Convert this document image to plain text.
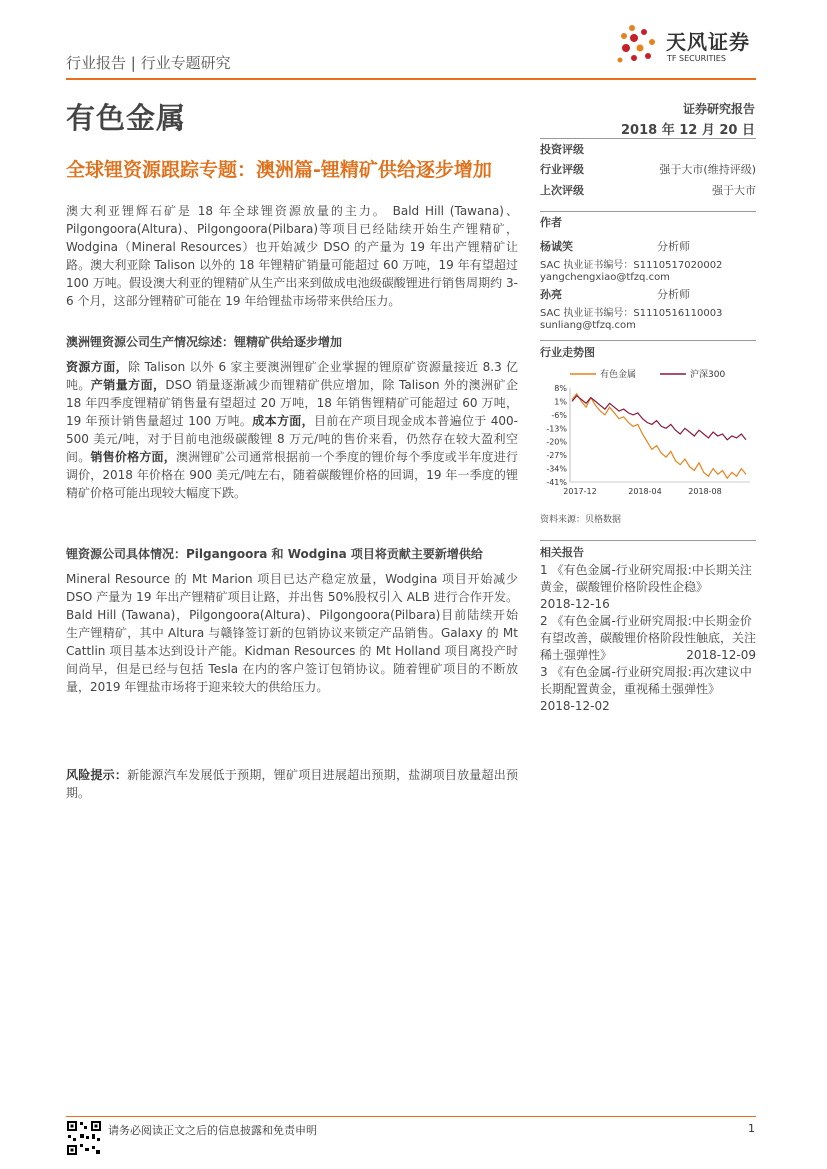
行业报告 | 行业专题研究
天风证券
TF SECURITIES
有色金属	证券研究报告
2018 年 12 月 20 日
全球锂资源跟踪专题：澳洲篇-锂精矿供给逐步增加
澳大利亚锂辉石矿是 18 年全球锂资源放量的主力。 Bald Hill (Tawana)、Pilgongoora(Altura)、Pilgongoora(Pilbara)等项目已经陆续开始生产锂精矿，Wodgina（Mineral Resources）也开始减少 DSO 的产量为 19 年出产锂精矿让路。澳大利亚除 Talison 以外的 18 年锂精矿销量可能超过 60 万吨，19 年有望超过 100 万吨。假设澳大利亚的锂精矿从生产出来到做成电池级碳酸锂进行销售周期约 3-6 个月，这部分锂精矿可能在 19 年给锂盐市场带来供给压力。
澳洲锂资源公司生产情况综述：锂精矿供给逐步增加
资源方面，除 Talison 以外 6 家主要澳洲锂矿企业掌握的锂原矿资源量接近 8.3 亿吨。产销量方面，DSO 销量逐渐减少而锂精矿供应增加，除 Talison 外的澳洲矿企 18 年四季度锂精矿销售量有望超过 20 万吨，18 年销售锂精矿可能超过 60 万吨，19 年预计销售量超过 100 万吨。成本方面，目前在产项目现金成本普遍位于 400-500 美元/吨，对于目前电池级碳酸锂 8 万元/吨的售价来看，仍然存在较大盈利空间。销售价格方面，澳洲锂矿公司通常根据前一个季度的锂价每个季度或半年度进行调价，2018 年价格在 900 美元/吨左右，随着碳酸锂价格的回调，19 年一季度的锂精矿价格可能出现较大幅度下跌。
锂资源公司具体情况：Pilgangoora 和 Wodgina 项目将贡献主要新增供给
Mineral Resource 的 Mt Marion 项目已达产稳定放量，Wodgina 项目开始减少 DSO 产量为 19 年出产锂精矿项目让路，并出售 50%股权引入 ALB 进行合作开发。Bald Hill (Tawana)，Pilgongoora(Altura)、Pilgongoora(Pilbara)目前陆续开始生产锂精矿，其中 Altura 与赣锋签订新的包销协议来锁定产品销售。Galaxy 的 Mt Cattlin 项目基本达到设计产能。Kidman Resources 的 Mt Holland 项目离投产时间尚早，但是已经与包括 Tesla 在内的客户签订包销协议。随着锂矿项目的不断放量，2019 年锂盐市场将于迎来较大的供给压力。
风险提示：新能源汽车发展低于预期，锂矿项目进展超出预期，盐湖项目放量超出预期。
投资评级
行业评级	强于大市(维持评级)
上次评级	强于大市
作者
杨诚笑	分析师
SAC 执业证书编号：S1110517020002
yangchengxiao@tfzq.com
孙亮	分析师
SAC 执业证书编号：S1110516110003
sunliang@tfzq.com
行业走势图
有色金属	沪深300
8%
1%
-6%
-13%
-20%
-27%
-34%
-41%
2017-12	2018-04	2018-08
资料来源：贝格数据
相关报告
1 《有色金属-行业研究周报:中长期关注黄金，碳酸锂价格阶段性企稳》
2018-12-16
2 《有色金属-行业研究周报:中长期金价有望改善，碳酸锂价格阶段性触底，关注稀土强弹性》	2018-12-09
3 《有色金属-行业研究周报:再次建议中长期配置黄金，重视稀土强弹性》
2018-12-02
请务必阅读正文之后的信息披露和免责申明	1
